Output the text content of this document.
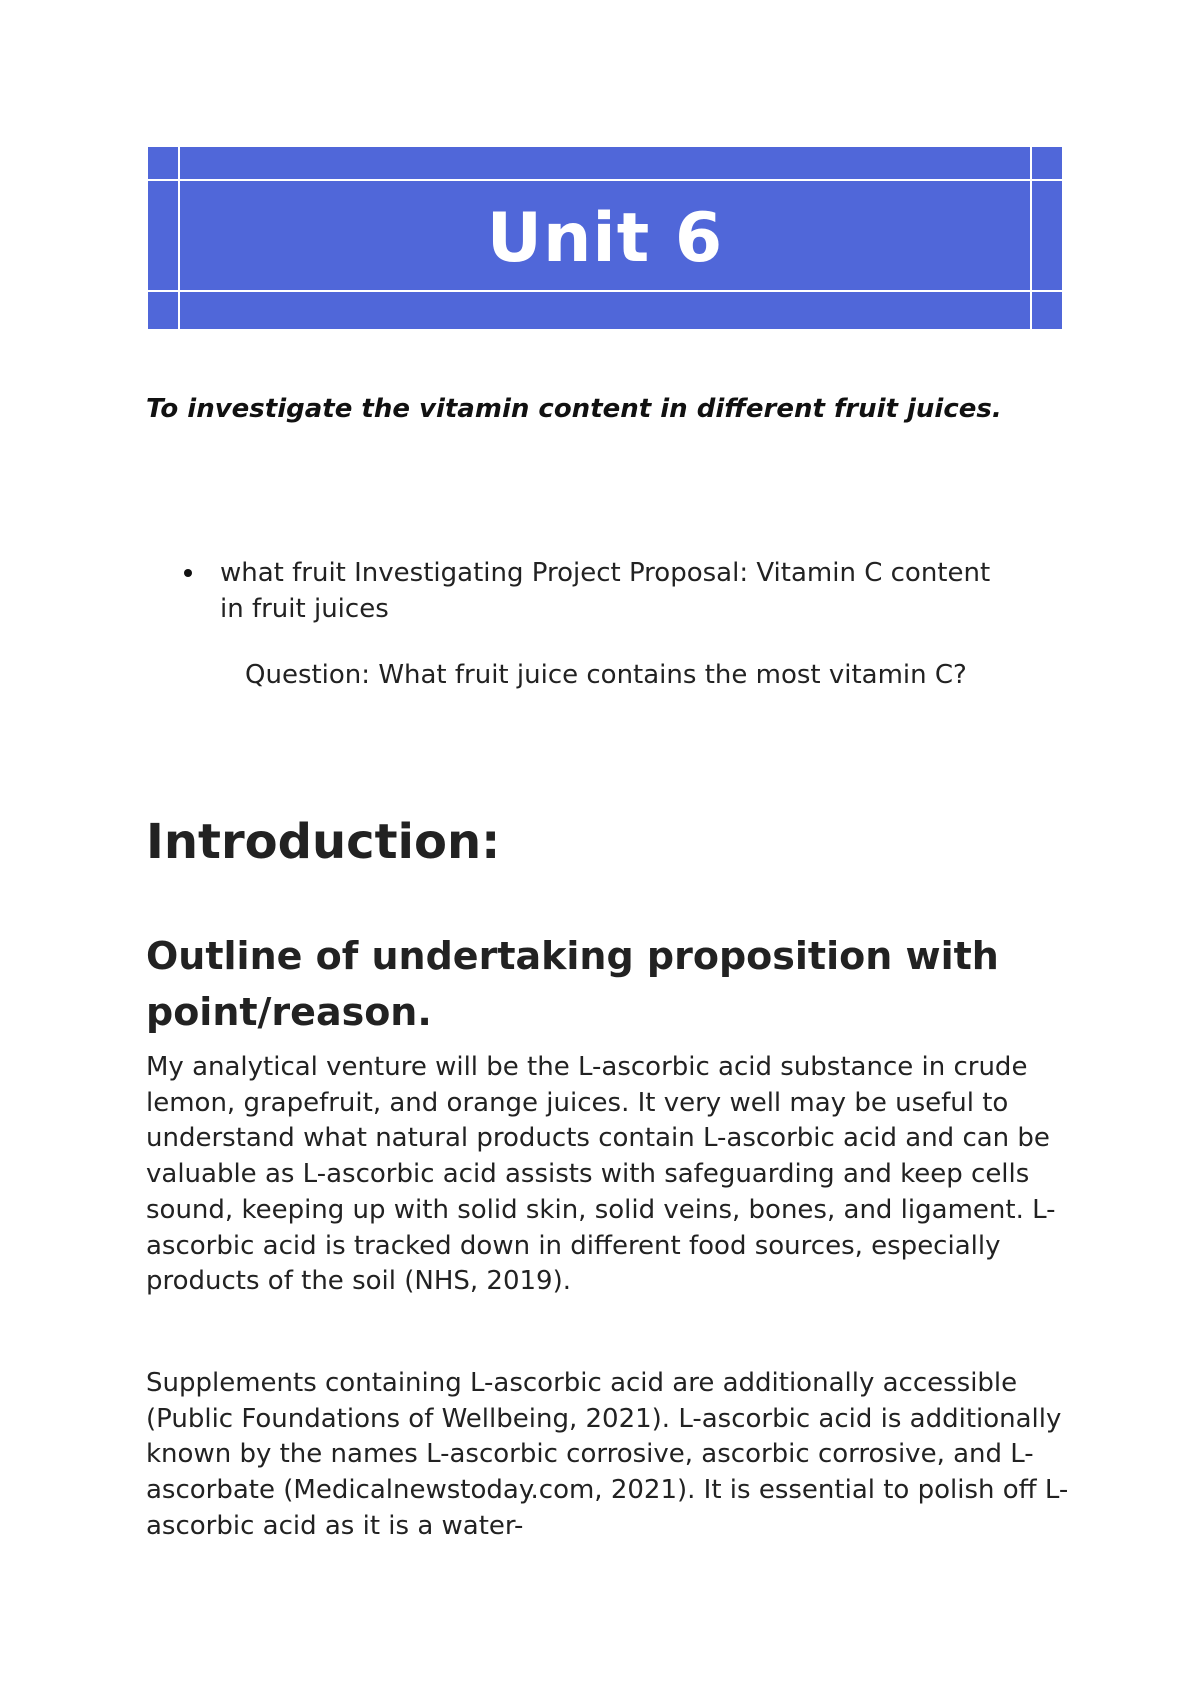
Unit 6
To investigate the vitamin content in different fruit juices.
what fruit Investigating Project Proposal: Vitamin C content in fruit juices
Question: What fruit juice contains the most vitamin C?
Introduction:
Outline of undertaking proposition with point/reason.

My analytical venture will be the L-ascorbic acid substance in crude lemon, grapefruit, and orange juices. It very well may be useful to understand what natural products contain L-ascorbic acid and can be valuable as L-ascorbic acid assists with safeguarding and keep cells sound, keeping up with solid skin, solid veins, bones, and ligament. L-ascorbic acid is tracked down in different food sources, especially products of the soil (NHS, 2019).

Supplements containing L-ascorbic acid are additionally accessible (Public Foundations of Wellbeing, 2021). L-ascorbic acid is additionally known by the names L-ascorbic corrosive, ascorbic corrosive, and L-ascorbate (Medicalnewstoday.com, 2021). It is essential to polish off L-ascorbic acid as it is a water-
